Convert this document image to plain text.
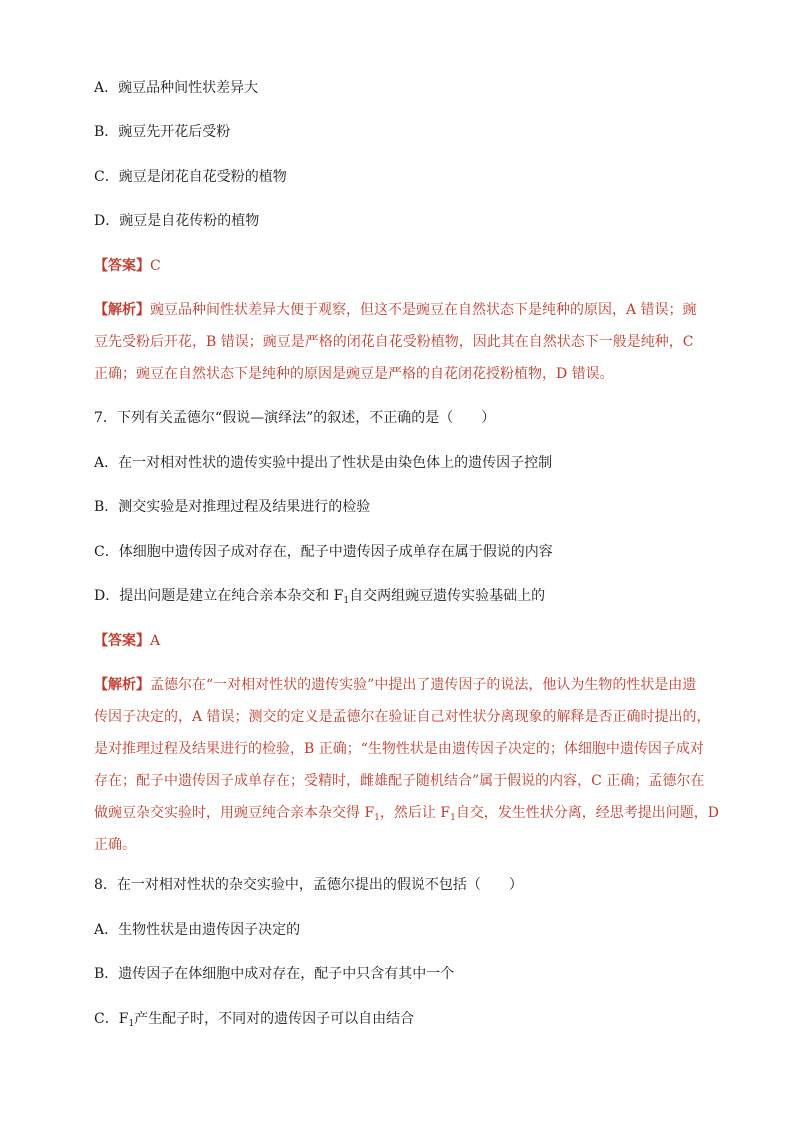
A．豌豆品种间性状差异大
B．豌豆先开花后受粉
C．豌豆是闭花自花受粉的植物
D．豌豆是自花传粉的植物
【答案】C
【解析】豌豆品种间性状差异大便于观察，但这不是豌豆在自然状态下是纯种的原因，A 错误；豌
豆先受粉后开花，B 错误；豌豆是严格的闭花自花受粉植物，因此其在自然状态下一般是纯种，C
正确；豌豆在自然状态下是纯种的原因是豌豆是严格的自花闭花授粉植物，D 错误。
7．下列有关孟德尔“假说—演绎法”的叙述，不正确的是（　　）
A．在一对相对性状的遗传实验中提出了性状是由染色体上的遗传因子控制
B．测交实验是对推理过程及结果进行的检验
C．体细胞中遗传因子成对存在，配子中遗传因子成单存在属于假说的内容
D．提出问题是建立在纯合亲本杂交和 $F_1$自交两组豌豆遗传实验基础上的
【答案】A
【解析】孟德尔在“一对相对性状的遗传实验”中提出了遗传因子的说法，他认为生物的性状是由遗
传因子决定的，A 错误；测交的定义是孟德尔在验证自己对性状分离现象的解释是否正确时提出的，
是对推理过程及结果进行的检验，B 正确；“生物性状是由遗传因子决定的；体细胞中遗传因子成对
存在；配子中遗传因子成单存在；受精时，雌雄配子随机结合”属于假说的内容，C 正确；孟德尔在
做豌豆杂交实验时，用豌豆纯合亲本杂交得 $F_1$，然后让 $F_1$自交，发生性状分离，经思考提出问题，D
正确。
8．在一对相对性状的杂交实验中，孟德尔提出的假说不包括（　　）
A．生物性状是由遗传因子决定的
B．遗传因子在体细胞中成对存在，配子中只含有其中一个
C．$F_1$产生配子时，不同对的遗传因子可以自由结合
